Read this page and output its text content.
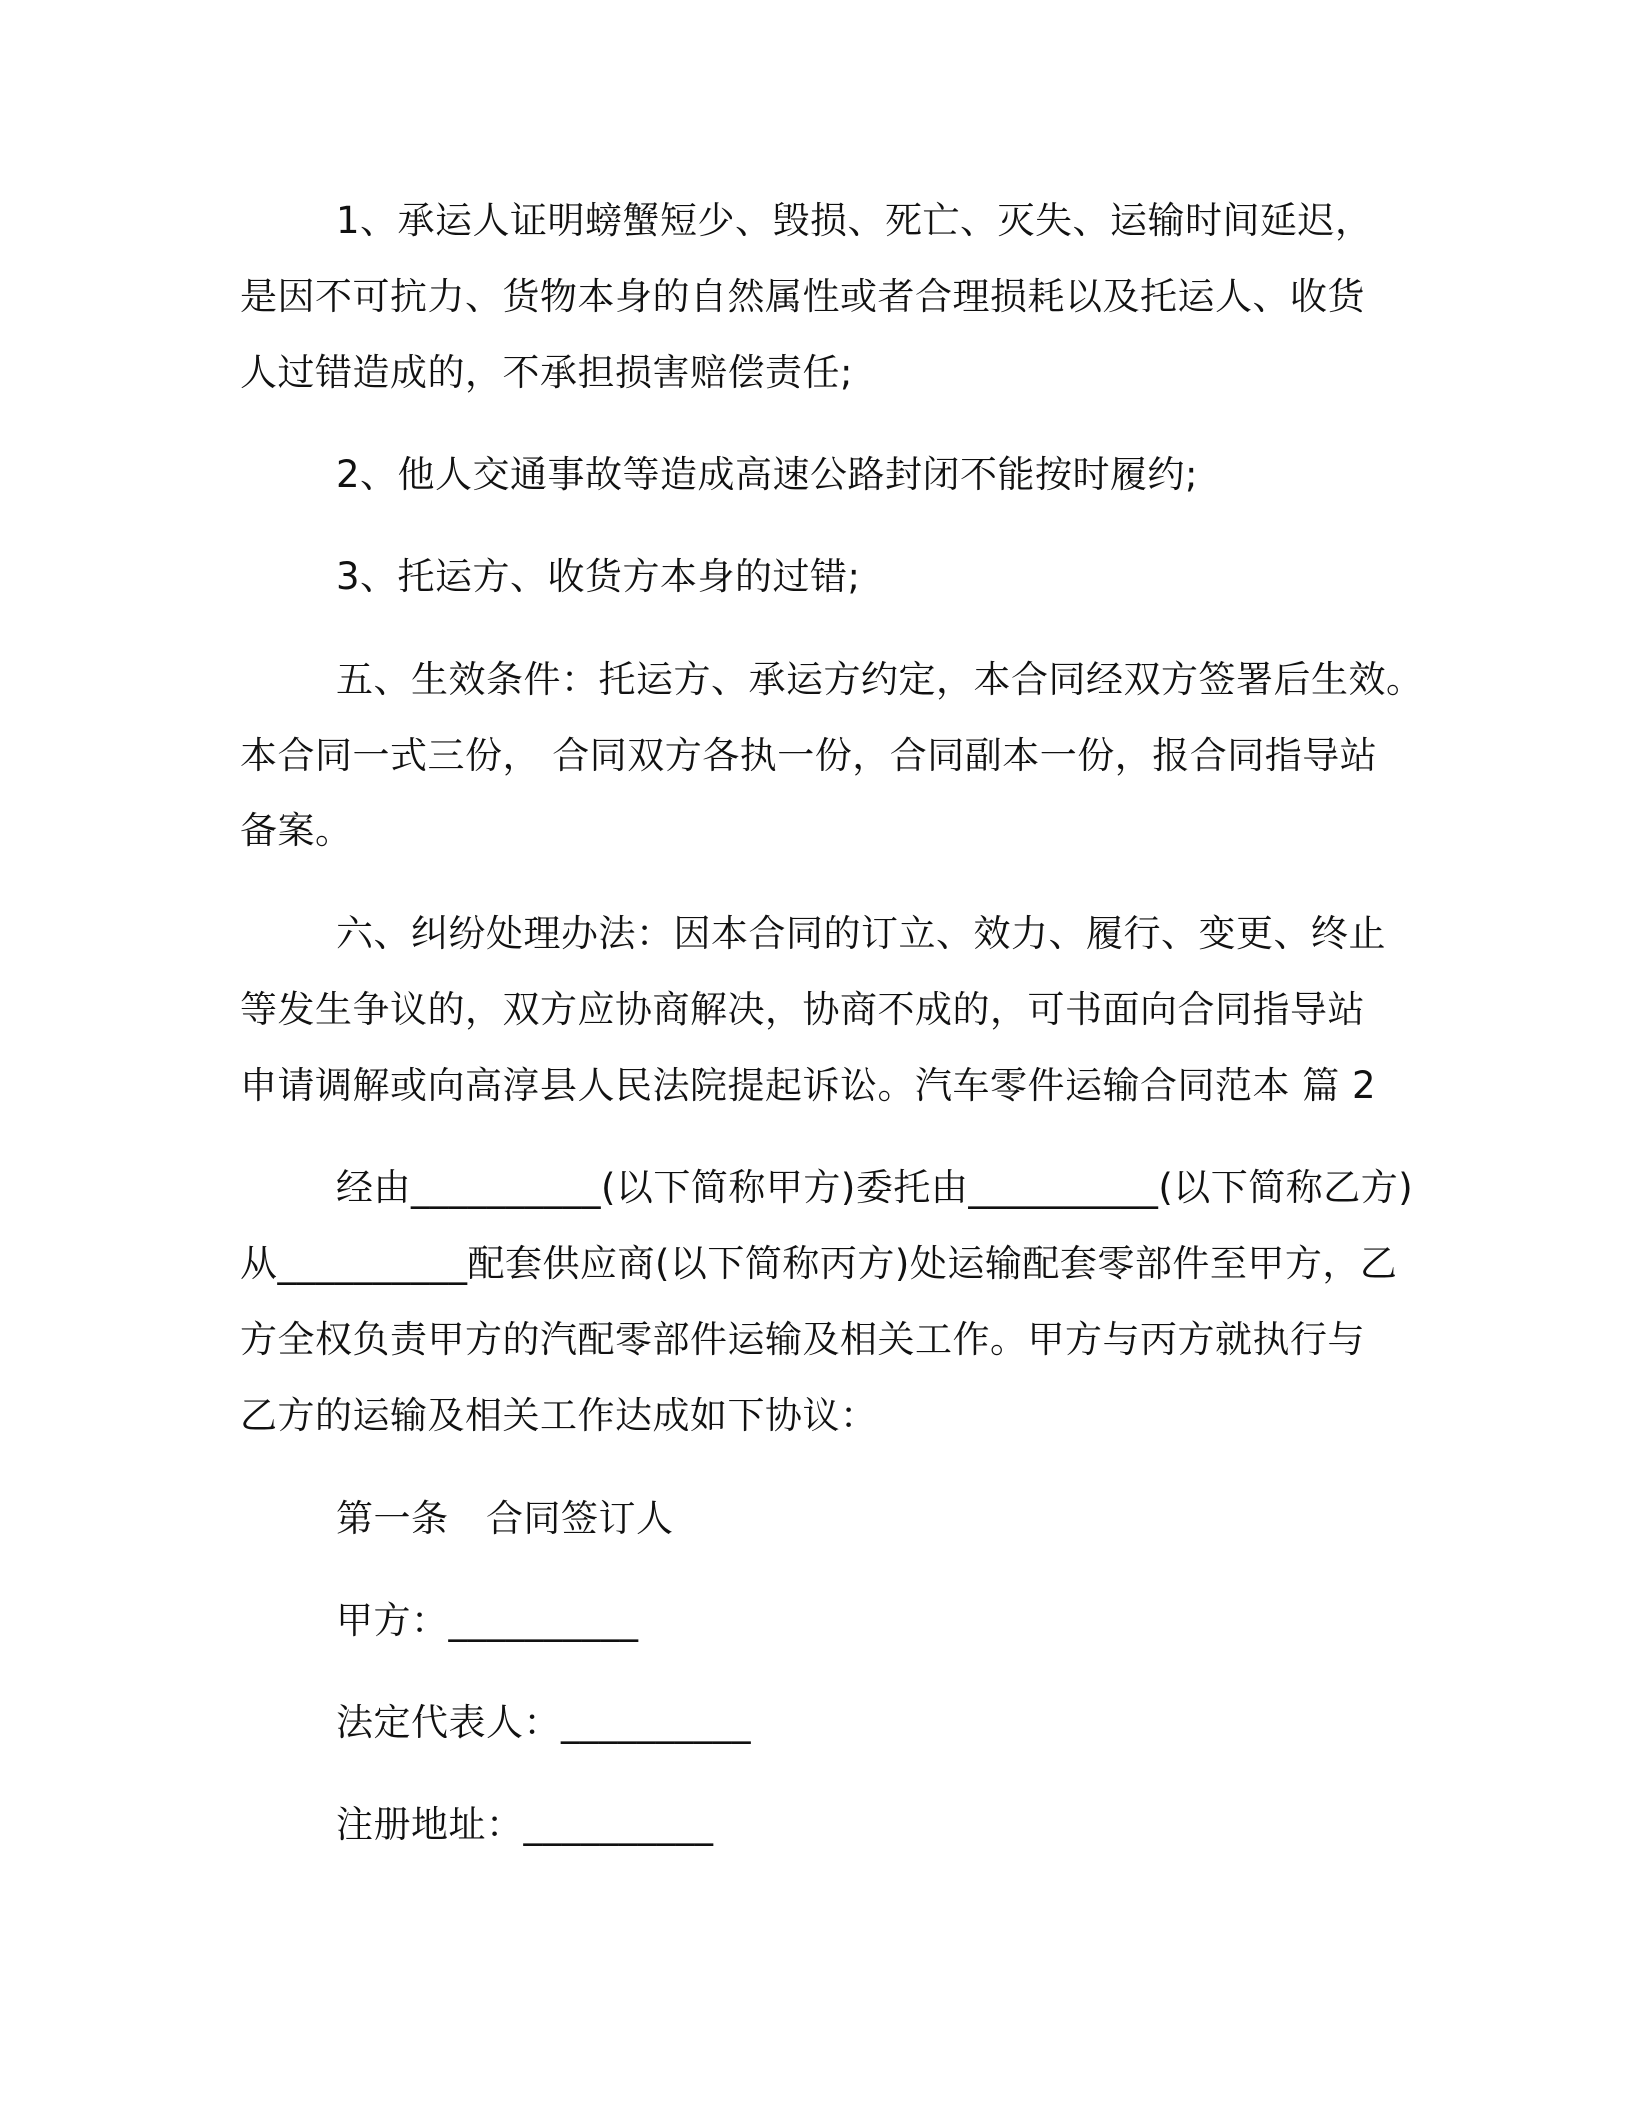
1、承运人证明螃蟹短少、毁损、死亡、灭失、运输时间延迟，
是因不可抗力、货物本身的自然属性或者合理损耗以及托运人、收货
人过错造成的，不承担损害赔偿责任;
2、他人交通事故等造成高速公路封闭不能按时履约;
3、托运方、收货方本身的过错;
五、生效条件：托运方、承运方约定，本合同经双方签署后生效。
本合同一式三份， 合同双方各执一份，合同副本一份，报合同指导站
备案。
六、纠纷处理办法：因本合同的订立、效力、履行、变更、终止
等发生争议的，双方应协商解决，协商不成的，可书面向合同指导站
申请调解或向高淳县人民法院提起诉讼。汽车零件运输合同范本 篇 2
经由__________(以下简称甲方)委托由__________(以下简称乙方)
从__________配套供应商(以下简称丙方)处运输配套零部件至甲方，乙
方全权负责甲方的汽配零部件运输及相关工作。甲方与丙方就执行与
乙方的运输及相关工作达成如下协议：
第一条　合同签订人
甲方：__________
法定代表人：__________
注册地址：__________
